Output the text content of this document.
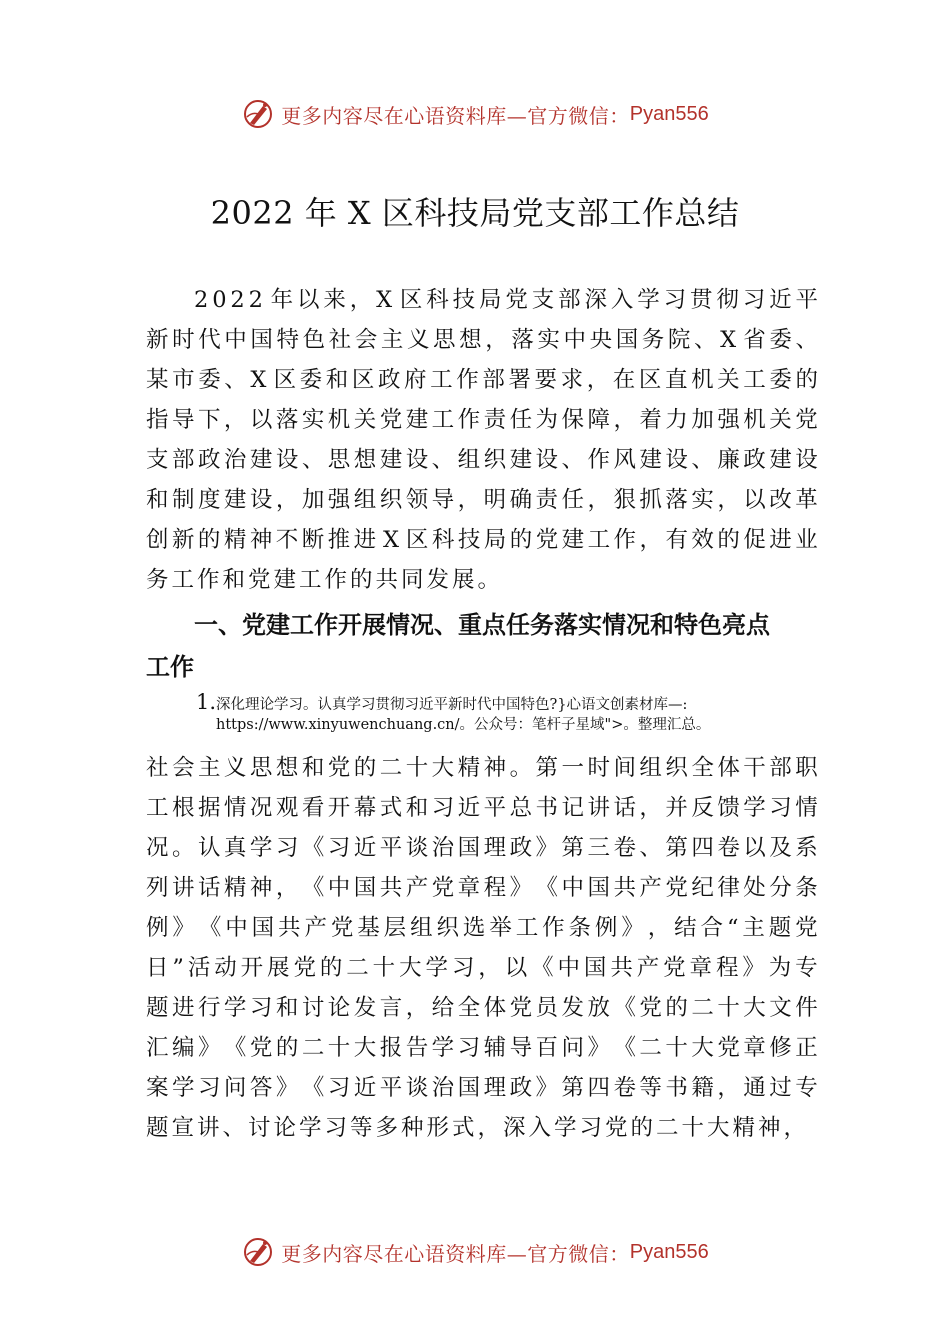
更多内容尽在心语资料库—官方微信： Pyan556
2022 年 X 区科技局党支部工作总结
2 0 2 2 年 以 来 ， X 区 科 技 局 党 支 部 深 入 学 习 贯 彻 习 近 平
新 时 代 中 国 特 色 社 会 主 义 思 想 ， 落 实 中 央 国 务 院 、 X 省 委 、
某 市 委 、 X 区 委 和 区 政 府 工 作 部 署 要 求 ， 在 区 直 机 关 工 委 的
指 导 下 ， 以 落 实 机 关 党 建 工 作 责 任 为 保 障 ， 着 力 加 强 机 关 党
支 部 政 治 建 设 、 思 想 建 设 、 组 织 建 设 、 作 风 建 设 、 廉 政 建 设
和 制 度 建 设 ， 加 强 组 织 领 导 ， 明 确 责 任 ， 狠 抓 落 实 ， 以 改 革
创 新 的 精 神 不 断 推 进 X 区 科 技 局 的 党 建 工 作 ， 有 效 的 促 进 业
务工作和党建工作的共同发展。
一、党建工作开展情况、重点任务落实情况和特色亮点
工作
1.深化理论学习。认真学习贯彻习近平新时代中国特色?}心语文创素材库—:
https://www.xinyuwenchuang.cn/。公众号：笔杆子星域">。整理汇总。
社 会 主 义 思 想 和 党 的 二 十 大 精 神 。 第 一 时 间 组 织 全 体 干 部 职
工 根 据 情 况 观 看 开 幕 式 和 习 近 平 总 书 记 讲 话 ， 并 反 馈 学 习 情
况 。 认 真 学 习 《 习 近 平 谈 治 国 理 政 》 第 三 卷 、 第 四 卷 以 及 系
列 讲 话 精 神 ， 《 中 国 共 产 党 章 程 》 《 中 国 共 产 党 纪 律 处 分 条
例 》 《 中 国 共 产 党 基 层 组 织 选 举 工 作 条 例 》 ， 结 合 “ 主 题 党
日 ” 活 动 开 展 党 的 二 十 大 学 习 ， 以 《 中 国 共 产 党 章 程 》 为 专
题 进 行 学 习 和 讨 论 发 言 ， 给 全 体 党 员 发 放 《 党 的 二 十 大 文 件
汇 编 》 《 党 的 二 十 大 报 告 学 习 辅 导 百 问 》 《 二 十 大 党 章 修 正
案 学 习 问 答 》 《 习 近 平 谈 治 国 理 政 》 第 四 卷 等 书 籍 ， 通 过 专
题宣讲、讨论学习等多种形式，深入学习党的二十大精神，
更多内容尽在心语资料库—官方微信： Pyan556
